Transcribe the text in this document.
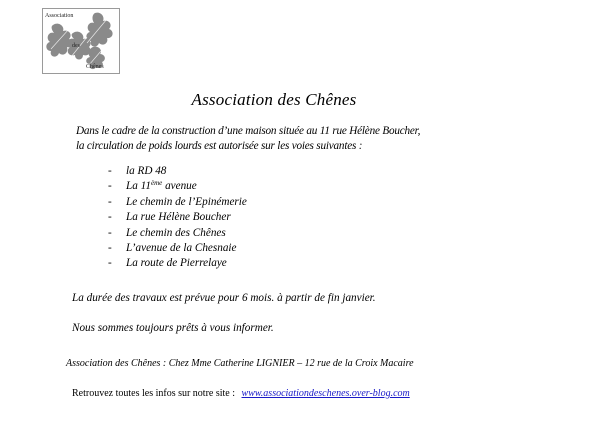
Association
des
Chênes
Association des Chênes
Dans le cadre de la construction d’une maison située au 11 rue Hélène Boucher,
la circulation de poids lourds est autorisée sur les voies suivantes :
-	la RD 48
-	La 11ème avenue
-	Le chemin de l’Epinémerie
-	La rue Hélène Boucher
-	Le chemin des Chênes
-	L’avenue de la Chesnaie
-	La route de Pierrelaye
La durée des travaux est prévue pour 6 mois. à partir de fin janvier.
Nous sommes toujours prêts à vous informer.
Association des Chênes : Chez Mme Catherine LIGNIER – 12 rue de la Croix Macaire
Retrouvez toutes les infos sur notre site : www.associationdeschenes.over-blog.com
